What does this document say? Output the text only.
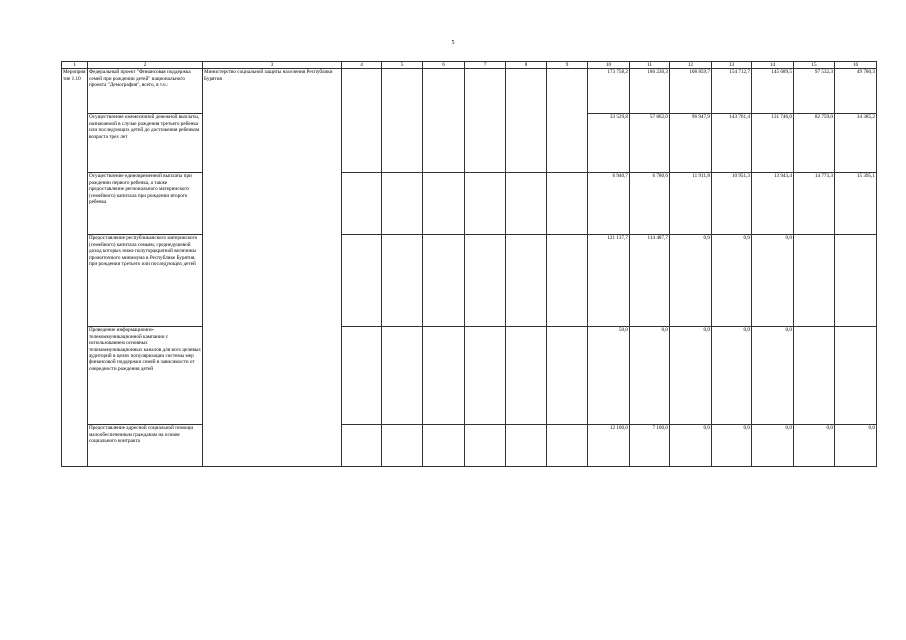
5
1	2	3	4	5	6	7	8	9	10	11	12	13	14	15	16
Мероприятие 1.10	Федеральный проект "Финансовая поддержка семей при рождении детей" национального проекта "Демография", всего, в т.ч.:	Министерство социальной защиты населения Республики Бурятия							173 758,2	186 230,3	108 859,7	154 712,7	145 689,5	97 532,3	49 780,3
	Осуществление ежемесячной денежной выплаты, назначаемой в случае рождения третьего ребенка или последующих детей до достижения ребенком возраста трех лет								33 529,8	57 862,0	96 947,9	143 761,4	131 746,0	82 759,0	34 385,2
	Осуществление единовременной выплаты при рождении первого ребенка, а также предоставление регионального материнского (семейного) капитала при рождении второго ребенка								6 940,7	6 780,6	11 911,8	10 951,3	13 943,4	14 773,3	15 395,1
	Предоставление республиканского материнского (семейного) капитала семьям, среднедушевой доход которых ниже полуторакратной величины прожиточного минимума в Республике Бурятия, при рождении третьего или последующих детей								121 137,7	114 487,7	0,0	0,0	0,0		
	Проведение информационно-телекоммуникационной кампании с использованием основных телекоммуникационных каналов для всех целевых аудиторий в целях популяризации системы мер финансовой поддержки семей в зависимости от очередности рождения детей								50,0	0,0	0,0	0,0	0,0		
	Предоставление адресной социальной помощи малообеспеченным гражданам на основе социального контракта								12 100,0	7 100,0	0,0	0,0	0,0	0,0	0,0
